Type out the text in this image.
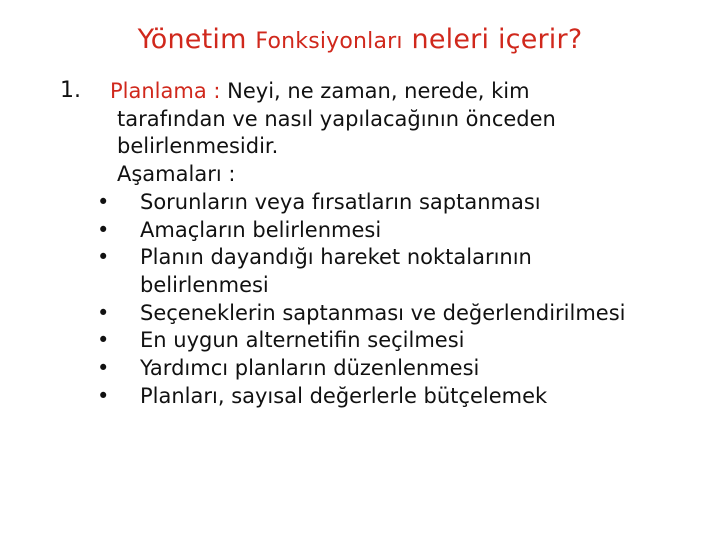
Yönetim Fonksiyonları neleri içerir?
1. Planlama : Neyi, ne zaman, nerede, kim
tarafından ve nasıl yapılacağının önceden
belirlenmesidir.
Aşamaları :
• Sorunların veya fırsatların saptanması
• Amaçların belirlenmesi
• Planın dayandığı hareket noktalarının
belirlenmesi
• Seçeneklerin saptanması ve değerlendirilmesi
• En uygun alternetifin seçilmesi
• Yardımcı planların düzenlenmesi
• Planları, sayısal değerlerle bütçelemek
